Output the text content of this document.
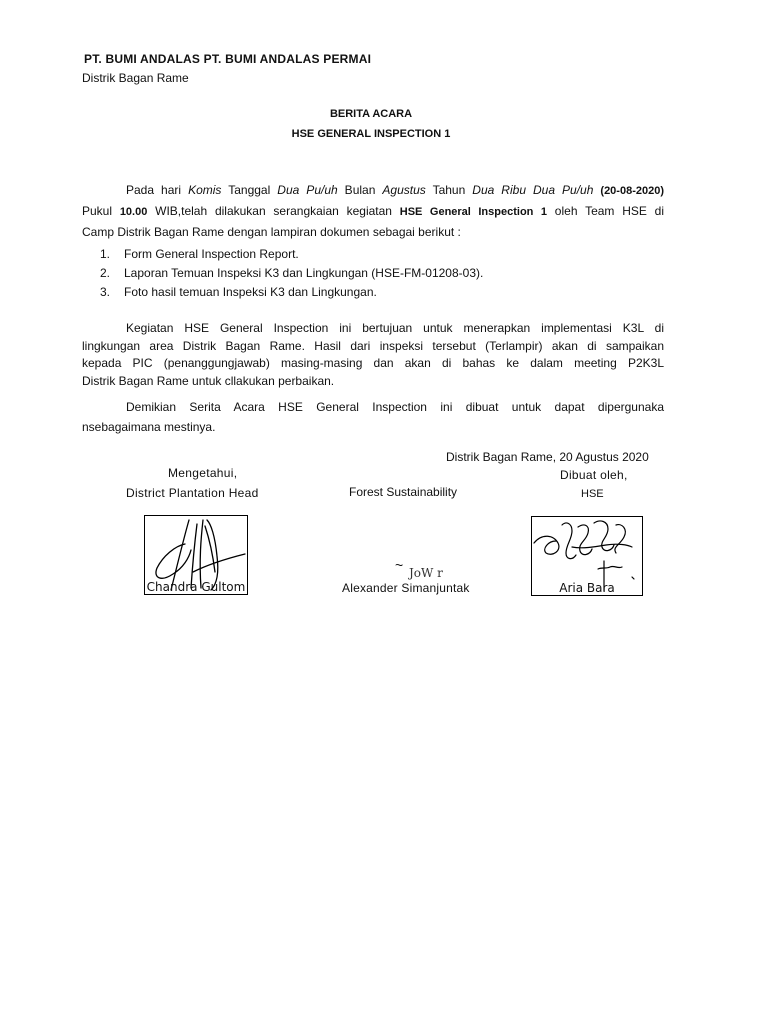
PT. BUMI ANDALAS PT. BUMI ANDALAS PERMAI
Distrik Bagan Rame
BERITA ACARA
HSE GENERAL INSPECTION 1
Pada hari Komis Tanggal Dua Pu/uh Bulan Agustus Tahun Dua Ribu Dua Pu/uh (20-08-2020)
Pukul 10.00 WIB,telah dilakukan serangkaian kegiatan HSE General Inspection 1 oleh Team HSE di
Camp Distrik Bagan Rame dengan lampiran dokumen sebagai berikut :
1. Form General Inspection Report.
2. Laporan Temuan Inspeksi K3 dan Lingkungan (HSE-FM-01208-03).
3. Foto hasil temuan Inspeksi K3 dan Lingkungan.
Kegiatan HSE General Inspection ini bertujuan untuk menerapkan implementasi K3L di
lingkungan area Distrik Bagan Rame. Hasil dari inspeksi tersebut (Terlampir) akan di sampaikan
kepada PIC (penanggungjawab) masing-masing dan akan di bahas ke dalam meeting P2K3L
Distrik Bagan Rame untuk cllakukan perbaikan.
Demikian Serita Acara HSE General Inspection ini dibuat untuk dapat dipergunaka
nsebagaimana mestinya.
Distrik Bagan Rame, 20 Agustus 2020
Mengetahui,	Dibuat oleh,
District Plantation Head	Forest Sustainability	HSE
Chandra Gultom
~ JoW r
Alexander Simanjuntak	Aria Bara
